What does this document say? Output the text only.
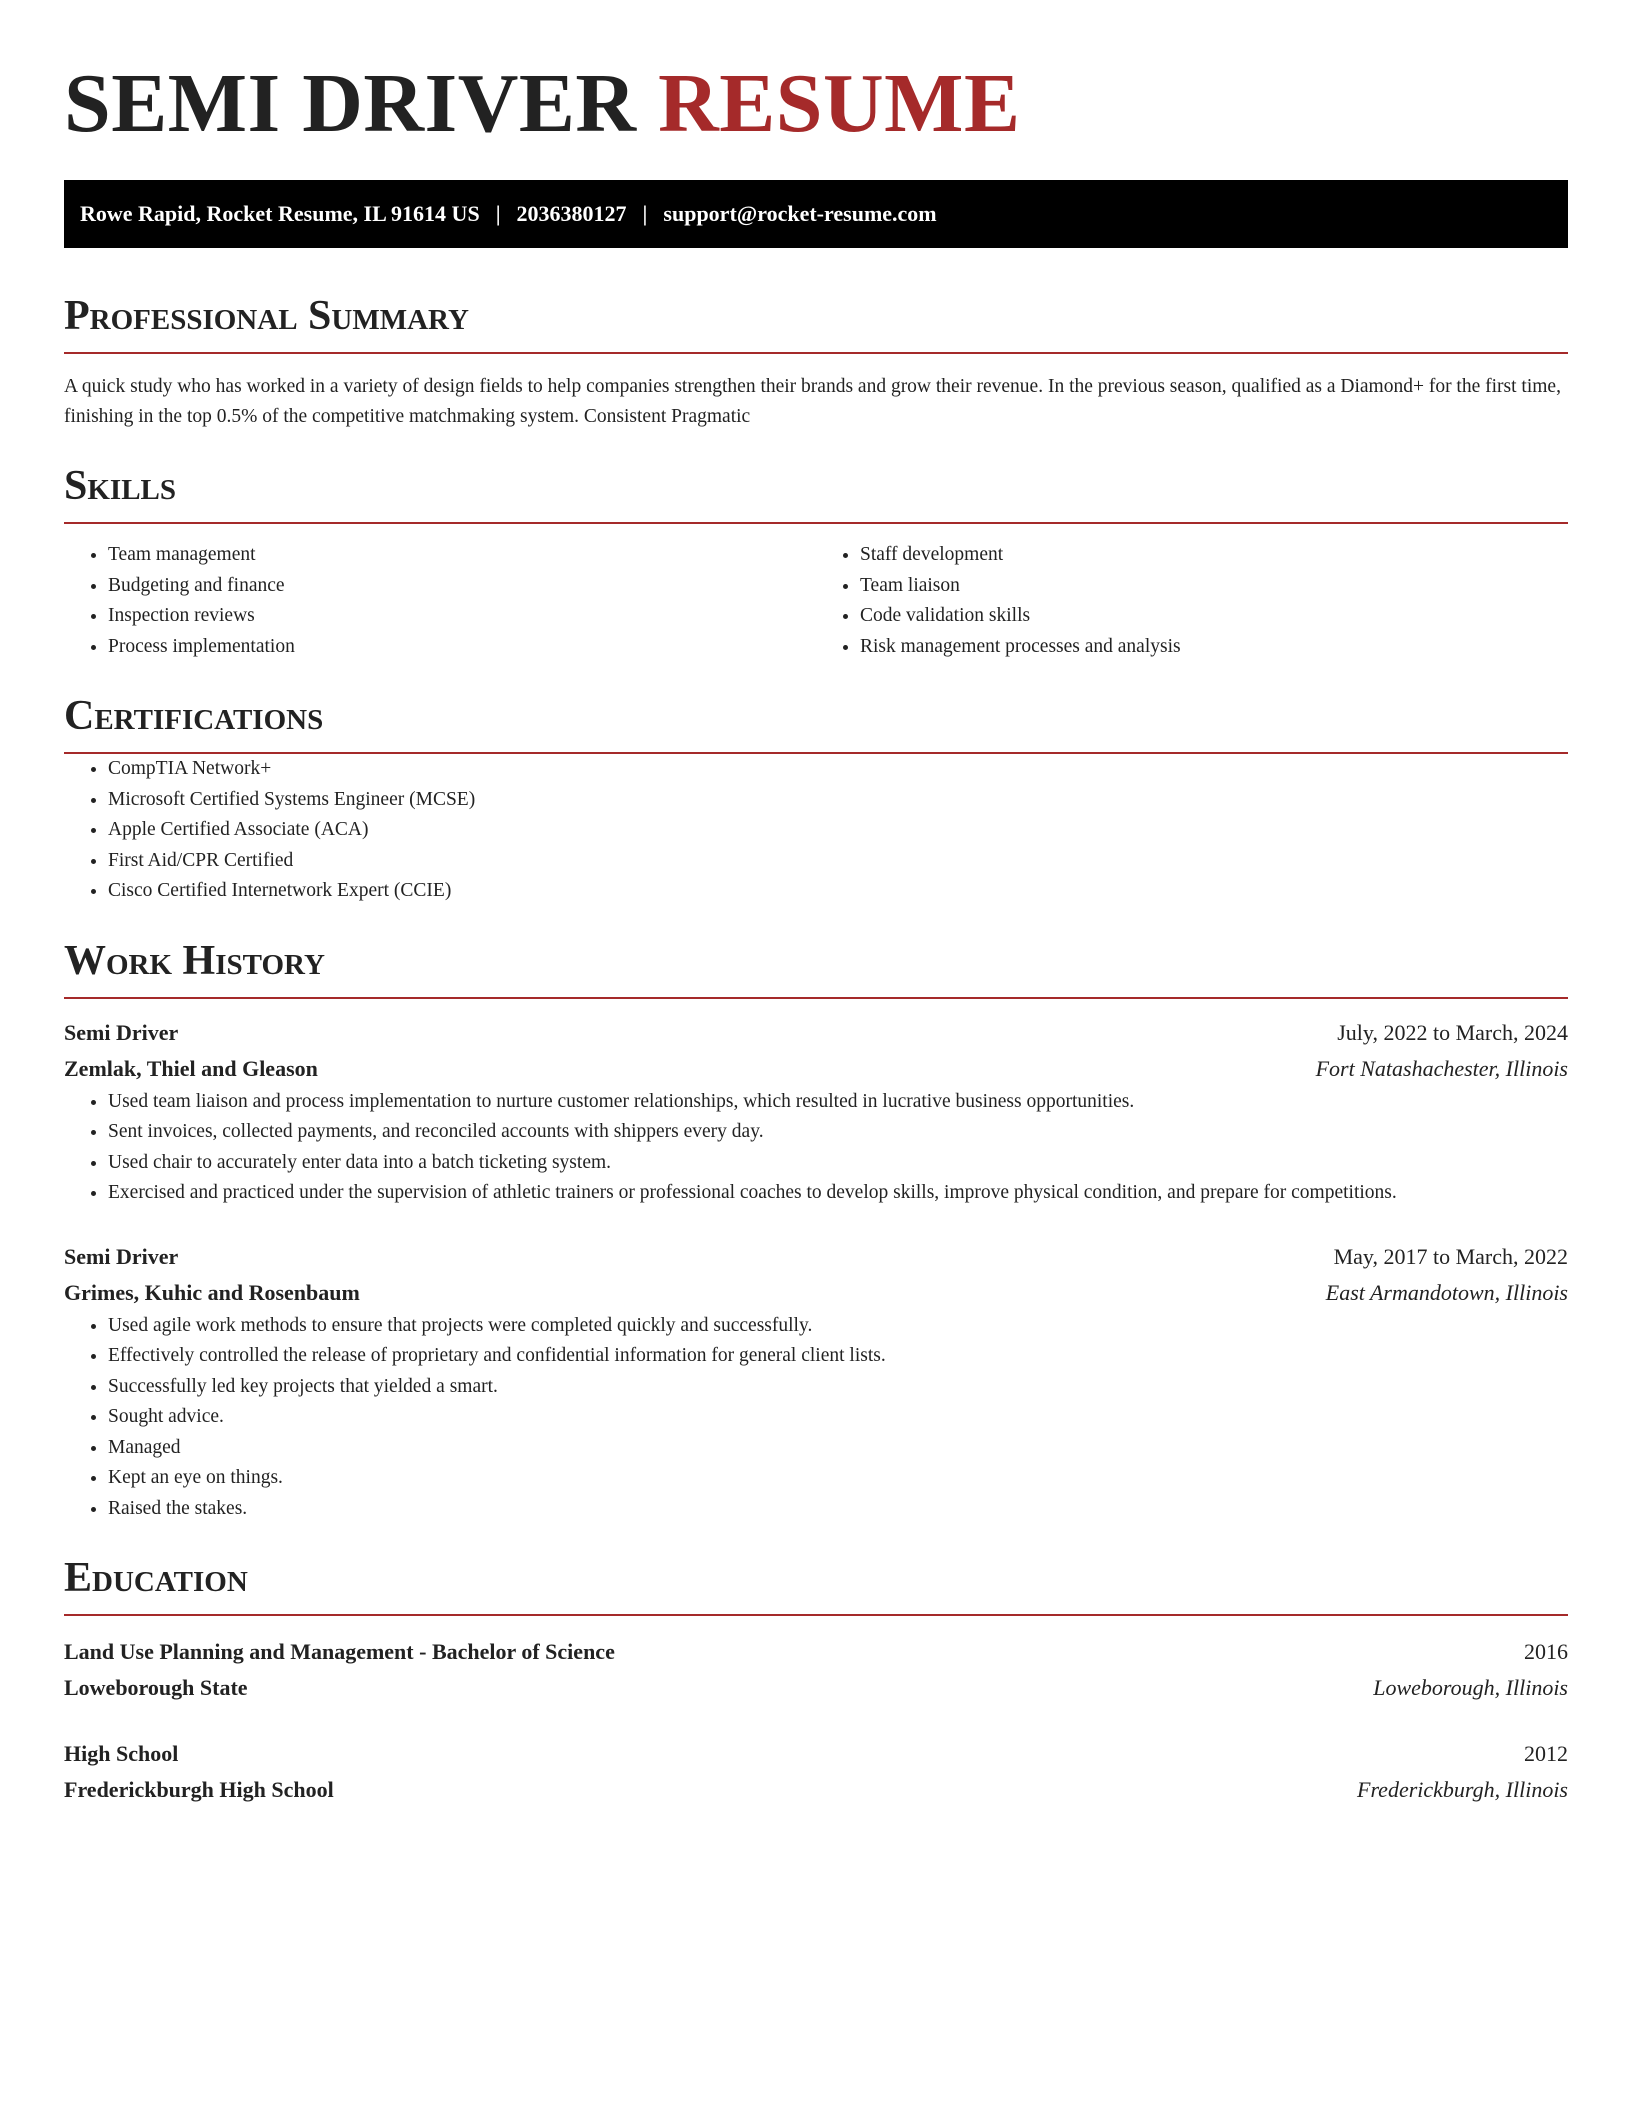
SEMI DRIVER RESUME
Rowe Rapid, Rocket Resume, IL 91614 US | 2036380127 | support@rocket-resume.com
Professional Summary

A quick study who has worked in a variety of design fields to help companies strengthen their brands and grow their revenue. In the previous season, qualified as a Diamond+ for the first time, finishing in the top 0.5% of the competitive matchmaking system. Consistent Pragmatic

Skills
• Team management
• Budgeting and finance
• Inspection reviews
• Process implementation
• Staff development
• Team liaison
• Code validation skills
• Risk management processes and analysis
Certifications
• CompTIA Network+
• Microsoft Certified Systems Engineer (MCSE)
• Apple Certified Associate (ACA)
• First Aid/CPR Certified
• Cisco Certified Internetwork Expert (CCIE)
Work History
Semi Driver	July, 2022 to March, 2024
Zemlak, Thiel and Gleason	Fort Natashachester, Illinois
• Used team liaison and process implementation to nurture customer relationships, which resulted in lucrative business opportunities.
• Sent invoices, collected payments, and reconciled accounts with shippers every day.
• Used chair to accurately enter data into a batch ticketing system.
• Exercised and practiced under the supervision of athletic trainers or professional coaches to develop skills, improve physical condition, and prepare for competitions.
Semi Driver	May, 2017 to March, 2022
Grimes, Kuhic and Rosenbaum	East Armandotown, Illinois
• Used agile work methods to ensure that projects were completed quickly and successfully.
• Effectively controlled the release of proprietary and confidential information for general client lists.
• Successfully led key projects that yielded a smart.
• Sought advice.
• Managed
• Kept an eye on things.
• Raised the stakes.
Education
Land Use Planning and Management - Bachelor of Science	2016
Loweborough State	Loweborough, Illinois
High School	2012
Frederickburgh High School	Frederickburgh, Illinois
